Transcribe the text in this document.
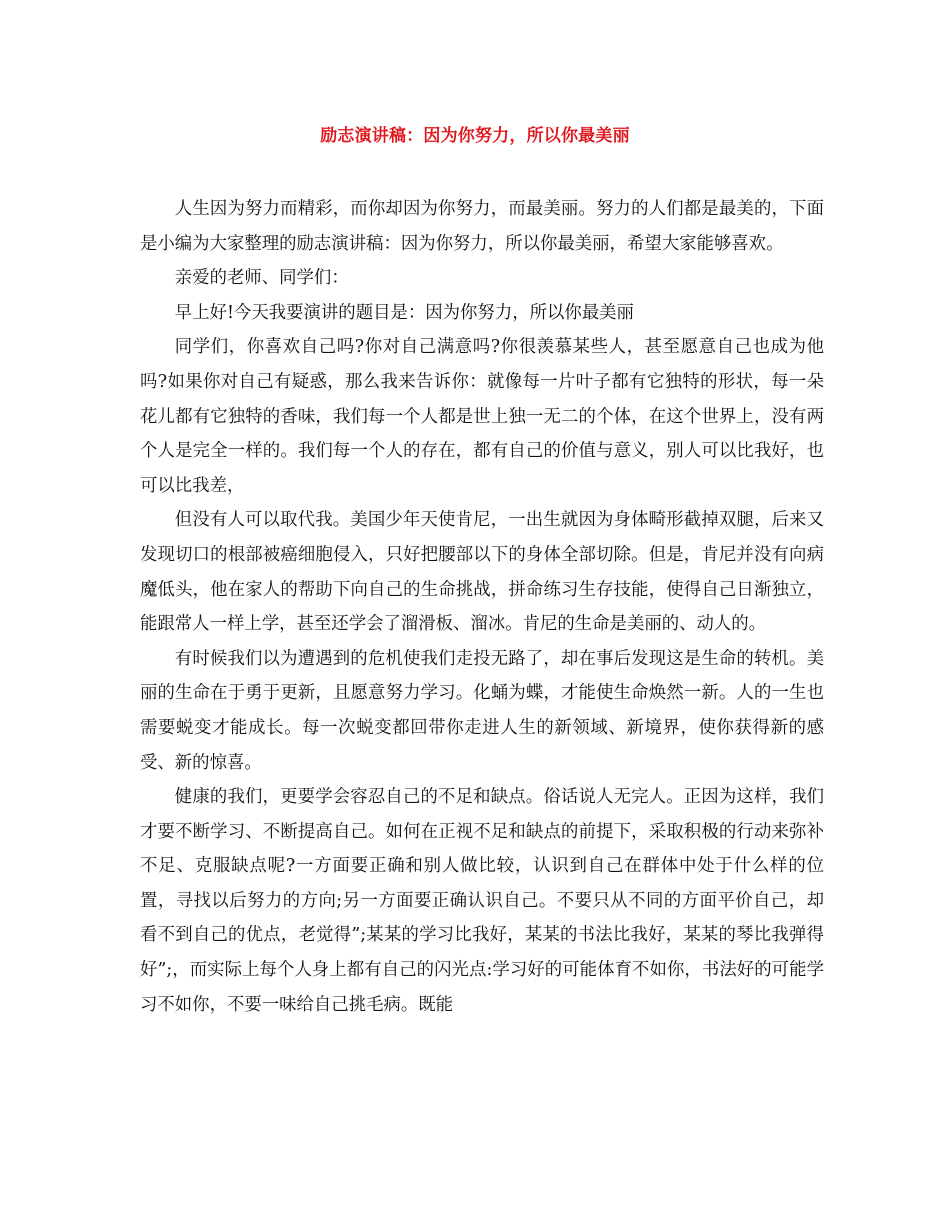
励志演讲稿：因为你努力，所以你最美丽

人生因为努力而精彩，而你却因为你努力，而最美丽。努力的人们都是最美的，下面是小编为大家整理的励志演讲稿：因为你努力，所以你最美丽，希望大家能够喜欢。

亲爱的老师、同学们：

早上好!今天我要演讲的题目是：因为你努力，所以你最美丽

同学们，你喜欢自己吗?你对自己满意吗?你很羡慕某些人，甚至愿意自己也成为他吗?如果你对自己有疑惑，那么我来告诉你：就像每一片叶子都有它独特的形状，每一朵花儿都有它独特的香味，我们每一个人都是世上独一无二的个体，在这个世界上，没有两个人是完全一样的。我们每一个人的存在，都有自己的价值与意义，别人可以比我好，也可以比我差，

但没有人可以取代我。美国少年天使肯尼，一出生就因为身体畸形截掉双腿，后来又发现切口的根部被癌细胞侵入，只好把腰部以下的身体全部切除。但是，肯尼并没有向病魔低头，他在家人的帮助下向自己的生命挑战，拼命练习生存技能，使得自己日渐独立，能跟常人一样上学，甚至还学会了溜滑板、溜冰。肯尼的生命是美丽的、动人的。

有时候我们以为遭遇到的危机使我们走投无路了，却在事后发现这是生命的转机。美丽的生命在于勇于更新，且愿意努力学习。化蛹为蝶，才能使生命焕然一新。人的一生也需要蜕变才能成长。每一次蜕变都回带你走进人生的新领域、新境界，使你获得新的感受、新的惊喜。

健康的我们，更要学会容忍自己的不足和缺点。俗话说人无完人。正因为这样，我们才要不断学习、不断提高自己。如何在正视不足和缺点的前提下，采取积极的行动来弥补不足、克服缺点呢?一方面要正确和别人做比较，认识到自己在群体中处于什么样的位置，寻找以后努力的方向;另一方面要正确认识自己。不要只从不同的方面平价自己，却看不到自己的优点，老觉得”;某某的学习比我好，某某的书法比我好，某某的琴比我弹得好”;，而实际上每个人身上都有自己的闪光点:学习好的可能体育不如你，书法好的可能学习不如你，不要一味给自己挑毛病。既能
